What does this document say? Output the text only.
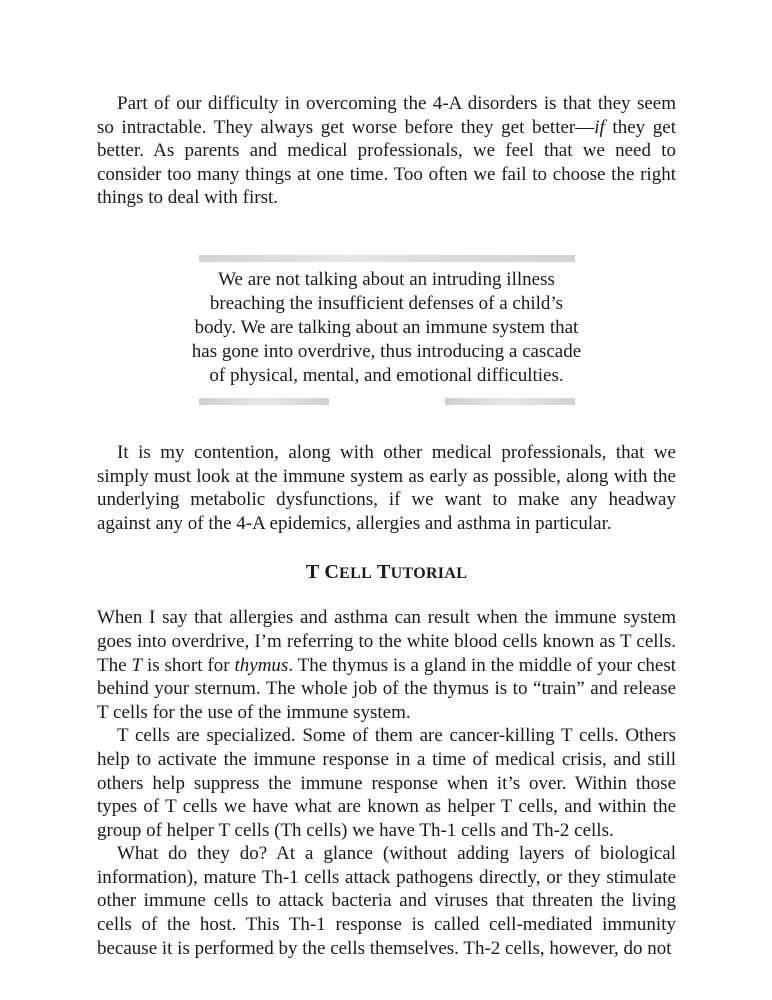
Part of our difficulty in overcoming the 4-A disorders is that they seem so intractable. They always get worse before they get better—if they get better. As parents and medical professionals, we feel that we need to consider too many things at one time. Too often we fail to choose the right things to deal with first.

We are not talking about an intruding illness
breaching the insufficient defenses of a child’s
body. We are talking about an immune system that
has gone into overdrive, thus introducing a cascade
of physical, mental, and emotional difficulties.

It is my contention, along with other medical professionals, that we simply must look at the immune system as early as possible, along with the underlying metabolic dysfunctions, if we want to make any headway against any of the 4-A epidemics, allergies and asthma in particular.

T CELL TUTORIAL

When I say that allergies and asthma can result when the immune system goes into overdrive, I’m referring to the white blood cells known as T cells. The T is short for thymus. The thymus is a gland in the middle of your chest behind your sternum. The whole job of the thymus is to “train” and release T cells for the use of the immune system.

T cells are specialized. Some of them are cancer-killing T cells. Others help to activate the immune response in a time of medical crisis, and still others help suppress the immune response when it’s over. Within those types of T cells we have what are known as helper T cells, and within the group of helper T cells (Th cells) we have Th-1 cells and Th-2 cells.

What do they do? At a glance (without adding layers of biological information), mature Th-1 cells attack pathogens directly, or they stimulate other immune cells to attack bacteria and viruses that threaten the living cells of the host. This Th-1 response is called cell-mediated immunity because it is performed by the cells themselves. Th-2 cells, however, do not
